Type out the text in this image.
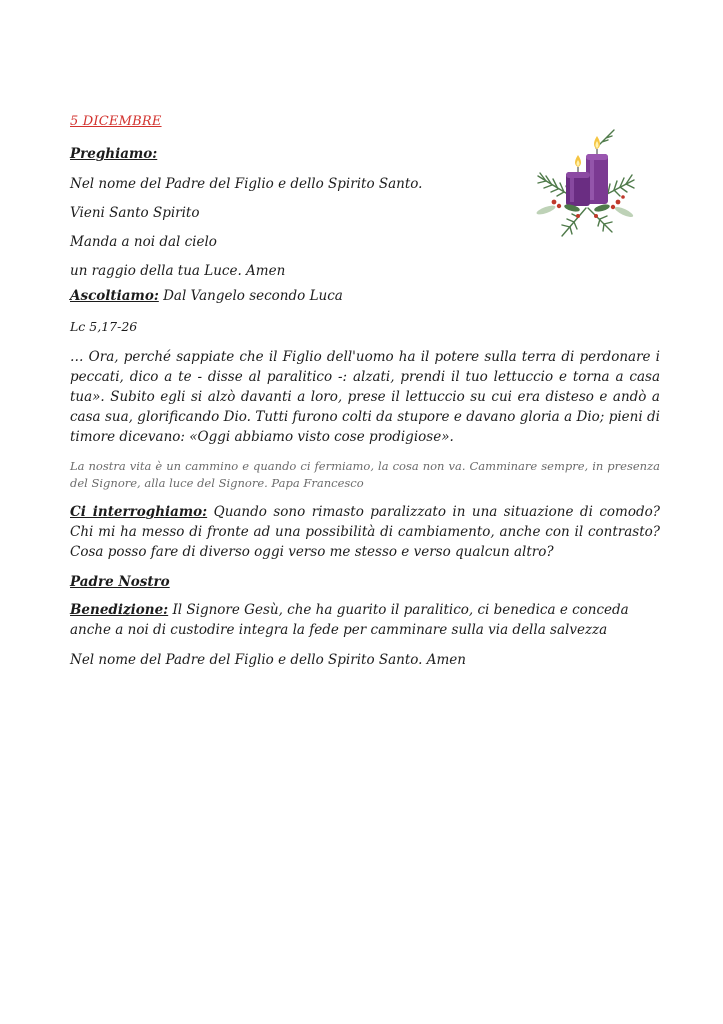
5 DICEMBRE
Preghiamo:
Nel nome del Padre del Figlio e dello Spirito Santo.
Vieni Santo Spirito
Manda a noi dal cielo
un raggio della tua Luce. Amen
Ascoltiamo: Dal Vangelo secondo Luca
Lc 5,17-26
… Ora, perché sappiate che il Figlio dell'uomo ha il potere sulla terra di perdonare i peccati, dico a te - disse al paralitico -: alzati, prendi il tuo lettuccio e torna a casa tua». Subito egli si alzò davanti a loro, prese il lettuccio su cui era disteso e andò a casa sua, glorificando Dio. Tutti furono colti da stupore e davano gloria a Dio; pieni di timore dicevano: «Oggi abbiamo visto cose prodigiose».
La nostra vita è un cammino e quando ci fermiamo, la cosa non va. Camminare sempre, in presenza del Signore, alla luce del Signore. Papa Francesco
Ci interroghiamo: Quando sono rimasto paralizzato in una situazione di comodo? Chi mi ha messo di fronte ad una possibilità di cambiamento, anche con il contrasto? Cosa posso fare di diverso oggi verso me stesso e verso qualcun altro?
Padre Nostro
Benedizione: Il Signore Gesù, che ha guarito il paralitico, ci benedica e conceda anche a noi di custodire integra la fede per camminare sulla via della salvezza
Nel nome del Padre del Figlio e dello Spirito Santo. Amen
